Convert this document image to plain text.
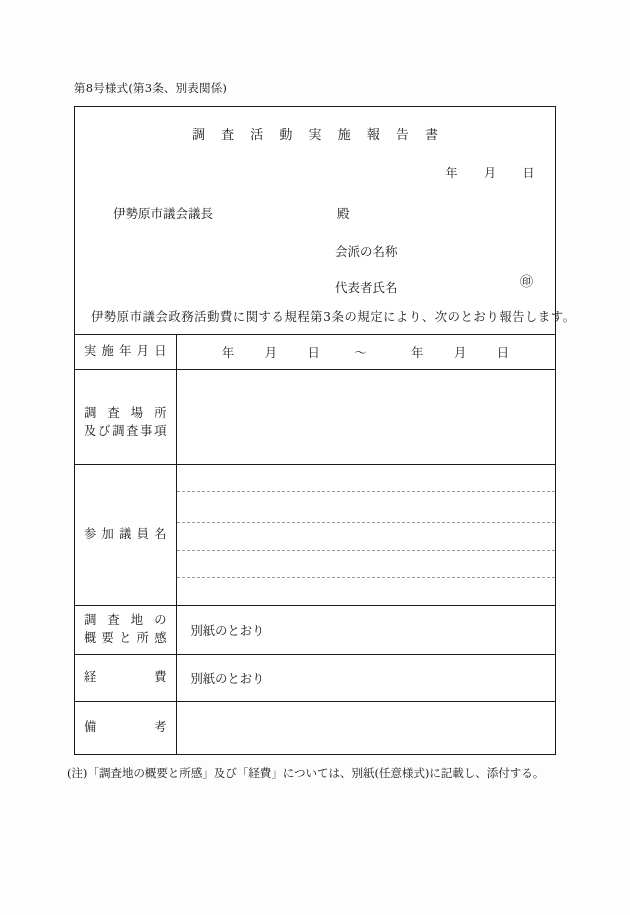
第8号様式(第3条、別表関係)
調 査 活 動 実 施 報 告 書
年 月 日
伊勢原市議会議長	殿
会派の名称
代表者氏名	㊞
伊勢原市議会政務活動費に関する規程第3条の規定により、次のとおり報告します。
実施年月日	年 月 日 ～ 年 月 日

調査場所
及び調査事項	

参加議員名	

調査地の
概要と所感	別紙のとおり

経費	別紙のとおり

備考	

(注)「調査地の概要と所感」及び「経費」については、別紙(任意様式)に記載し、添付する。
